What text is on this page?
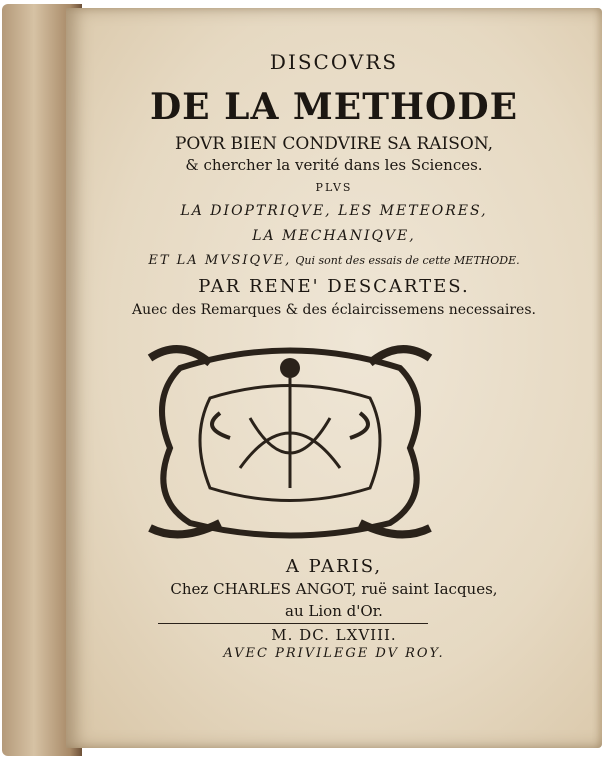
DISCOVRS
DE LA METHODE
POVR BIEN CONDVIRE SA RAISON,
& chercher la verité dans les Sciences.
PLVS
LA DIOPTRIQVE, LES METEORES,
LA MECHANIQVE,
ET LA MVSIQVE, Qui sont des essais de cette METHODE.
PAR RENE' DESCARTES.
Auec des Remarques & des éclaircissemens necessaires.
A PARIS,
Chez CHARLES ANGOT, ruë saint Iacques,
au Lion d'Or.
M. DC. LXVIII.
AVEC PRIVILEGE DV ROY.
